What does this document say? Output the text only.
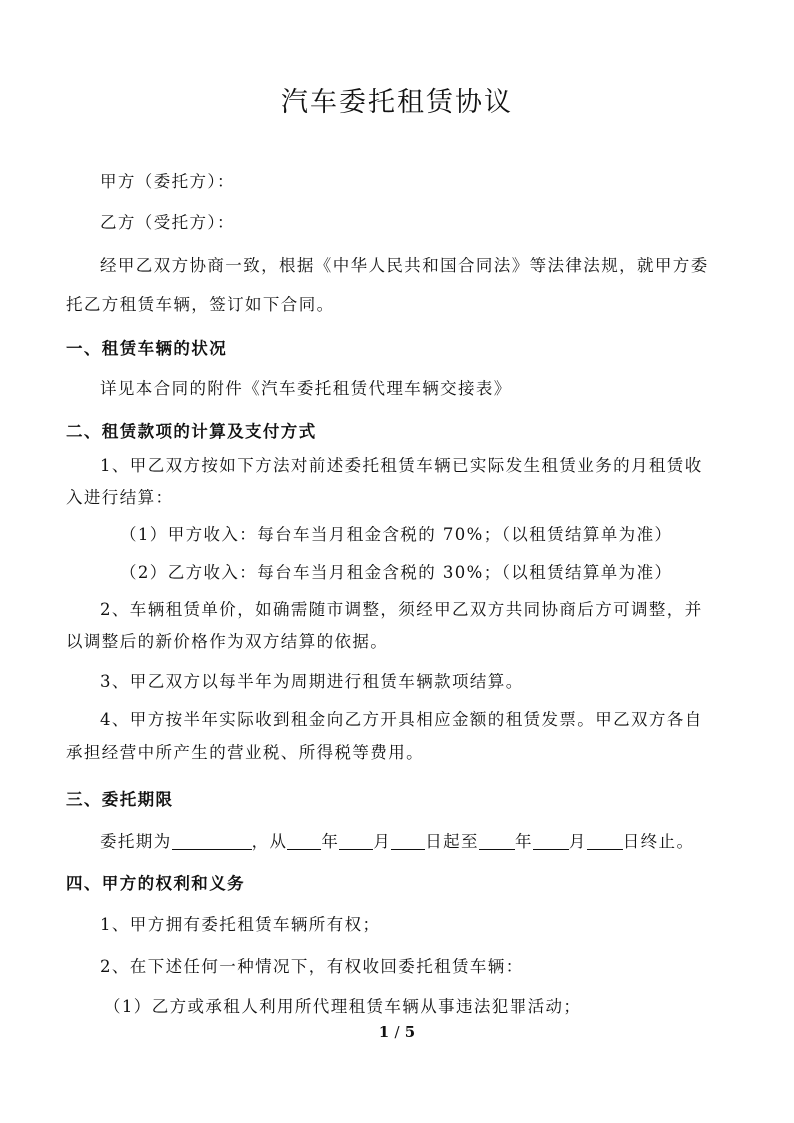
汽车委托租赁协议
甲方（委托方）：
乙方（受托方）：
经甲乙双方协商一致，根据《中华人民共和国合同法》等法律法规，就甲方委
托乙方租赁车辆，签订如下合同。
一、租赁车辆的状况
详见本合同的附件《汽车委托租赁代理车辆交接表》
二、租赁款项的计算及支付方式
1、甲乙双方按如下方法对前述委托租赁车辆已实际发生租赁业务的月租赁收
入进行结算：
（1）甲方收入：每台车当月租金含税的 70%；（以租赁结算单为准）
（2）乙方收入：每台车当月租金含税的 30%；（以租赁结算单为准）
2、车辆租赁单价，如确需随市调整，须经甲乙双方共同协商后方可调整，并
以调整后的新价格作为双方结算的依据。
3、甲乙双方以每半年为周期进行租赁车辆款项结算。
4、甲方按半年实际收到租金向乙方开具相应金额的租赁发票。甲乙双方各自
承担经营中所产生的营业税、所得税等费用。
三、委托期限
委托期为	，从 年 月 日起至 年 月 日终止。
四、甲方的权利和义务
1、甲方拥有委托租赁车辆所有权；
2、在下述任何一种情况下，有权收回委托租赁车辆：
（1）乙方或承租人利用所代理租赁车辆从事违法犯罪活动；
1 / 5
